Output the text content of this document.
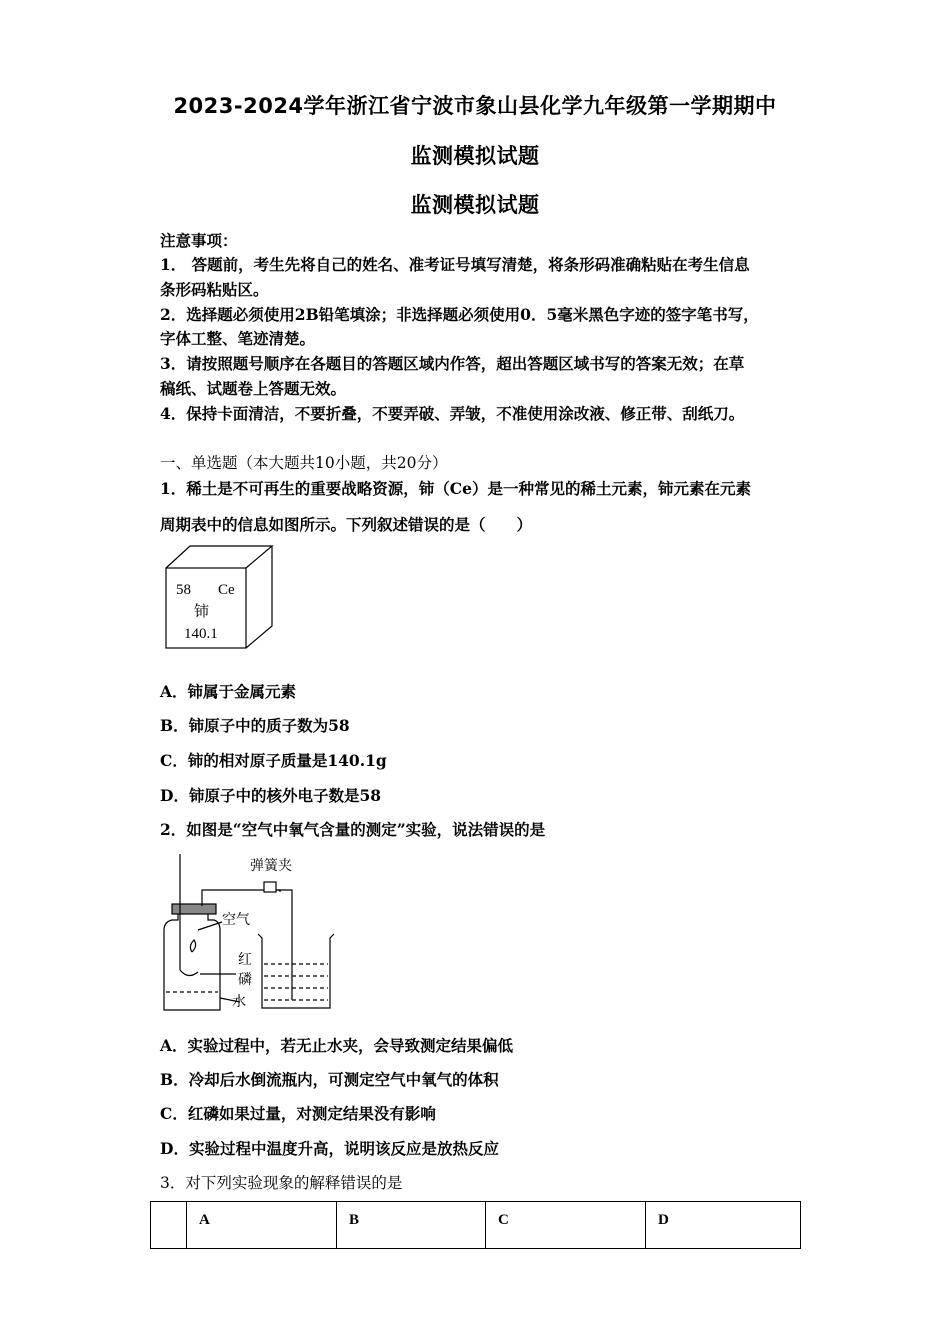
2023-2024学年浙江省宁波市象山县化学九年级第一学期期中
监测模拟试题
监测模拟试题
注意事项：
1． 答题前，考生先将自己的姓名、准考证号填写清楚，将条形码准确粘贴在考生信息
条形码粘贴区。
2．选择题必须使用2B铅笔填涂；非选择题必须使用0．5毫米黑色字迹的签字笔书写，
字体工整、笔迹清楚。
3．请按照题号顺序在各题目的答题区域内作答，超出答题区域书写的答案无效；在草
稿纸、试题卷上答题无效。
4．保持卡面清洁，不要折叠，不要弄破、弄皱，不准使用涂改液、修正带、刮纸刀。
一、单选题（本大题共10小题，共20分）
1．稀土是不可再生的重要战略资源，铈（Ce）是一种常见的稀土元素，铈元素在元素
周期表中的信息如图所示。下列叙述错误的是（　　）
58 Ce
铈
140.1
A．铈属于金属元素
B．铈原子中的质子数为58
C．铈的相对原子质量是140.1g
D．铈原子中的核外电子数是58
2．如图是“空气中氧气含量的测定”实验，说法错误的是
弹簧夹
空气
红
磷
水
A．实验过程中，若无止水夹，会导致测定结果偏低
B．冷却后水倒流瓶内，可测定空气中氧气的体积
C．红磷如果过量，对测定结果没有影响
D．实验过程中温度升高，说明该反应是放热反应
3．对下列实验现象的解释错误的是
	A	B	C	D
